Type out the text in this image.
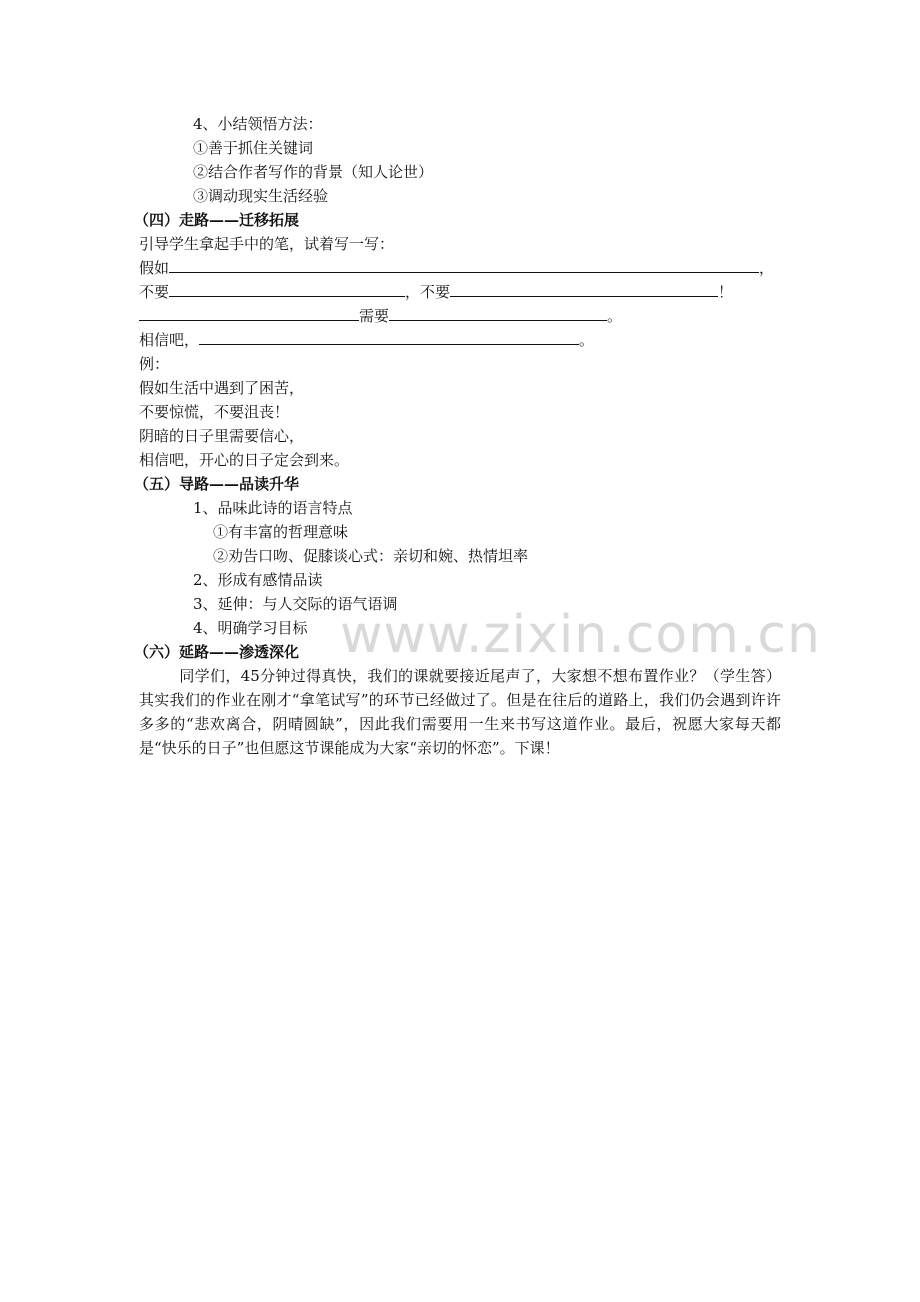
4、小结领悟方法：
①善于抓住关键词
②结合作者写作的背景（知人论世）
③调动现实生活经验
（四）走路——迁移拓展
引导学生拿起手中的笔，试着写一写：
假如	，
不要	，不要	！
需要	。
相信吧，	。
例：
假如生活中遇到了困苦，
不要惊慌，不要沮丧！
阴暗的日子里需要信心，
相信吧，开心的日子定会到来。
（五）导路——品读升华
1、品味此诗的语言特点
①有丰富的哲理意味
②劝告口吻、促膝谈心式：亲切和婉、热情坦率
2、形成有感情品读
3、延伸：与人交际的语气语调
4、明确学习目标 www.zixin.com.cn
（六）延路——渗透深化
同学们，45分钟过得真快，我们的课就要接近尾声了，大家想不想布置作业？（学生答）其实我们的作业在刚才“拿笔试写”的环节已经做过了。但是在往后的道路上，我们仍会遇到许许多多的“悲欢离合，阴晴圆缺”，因此我们需要用一生来书写这道作业。最后，祝愿大家每天都是“快乐的日子”也但愿这节课能成为大家“亲切的怀恋”。下课！
